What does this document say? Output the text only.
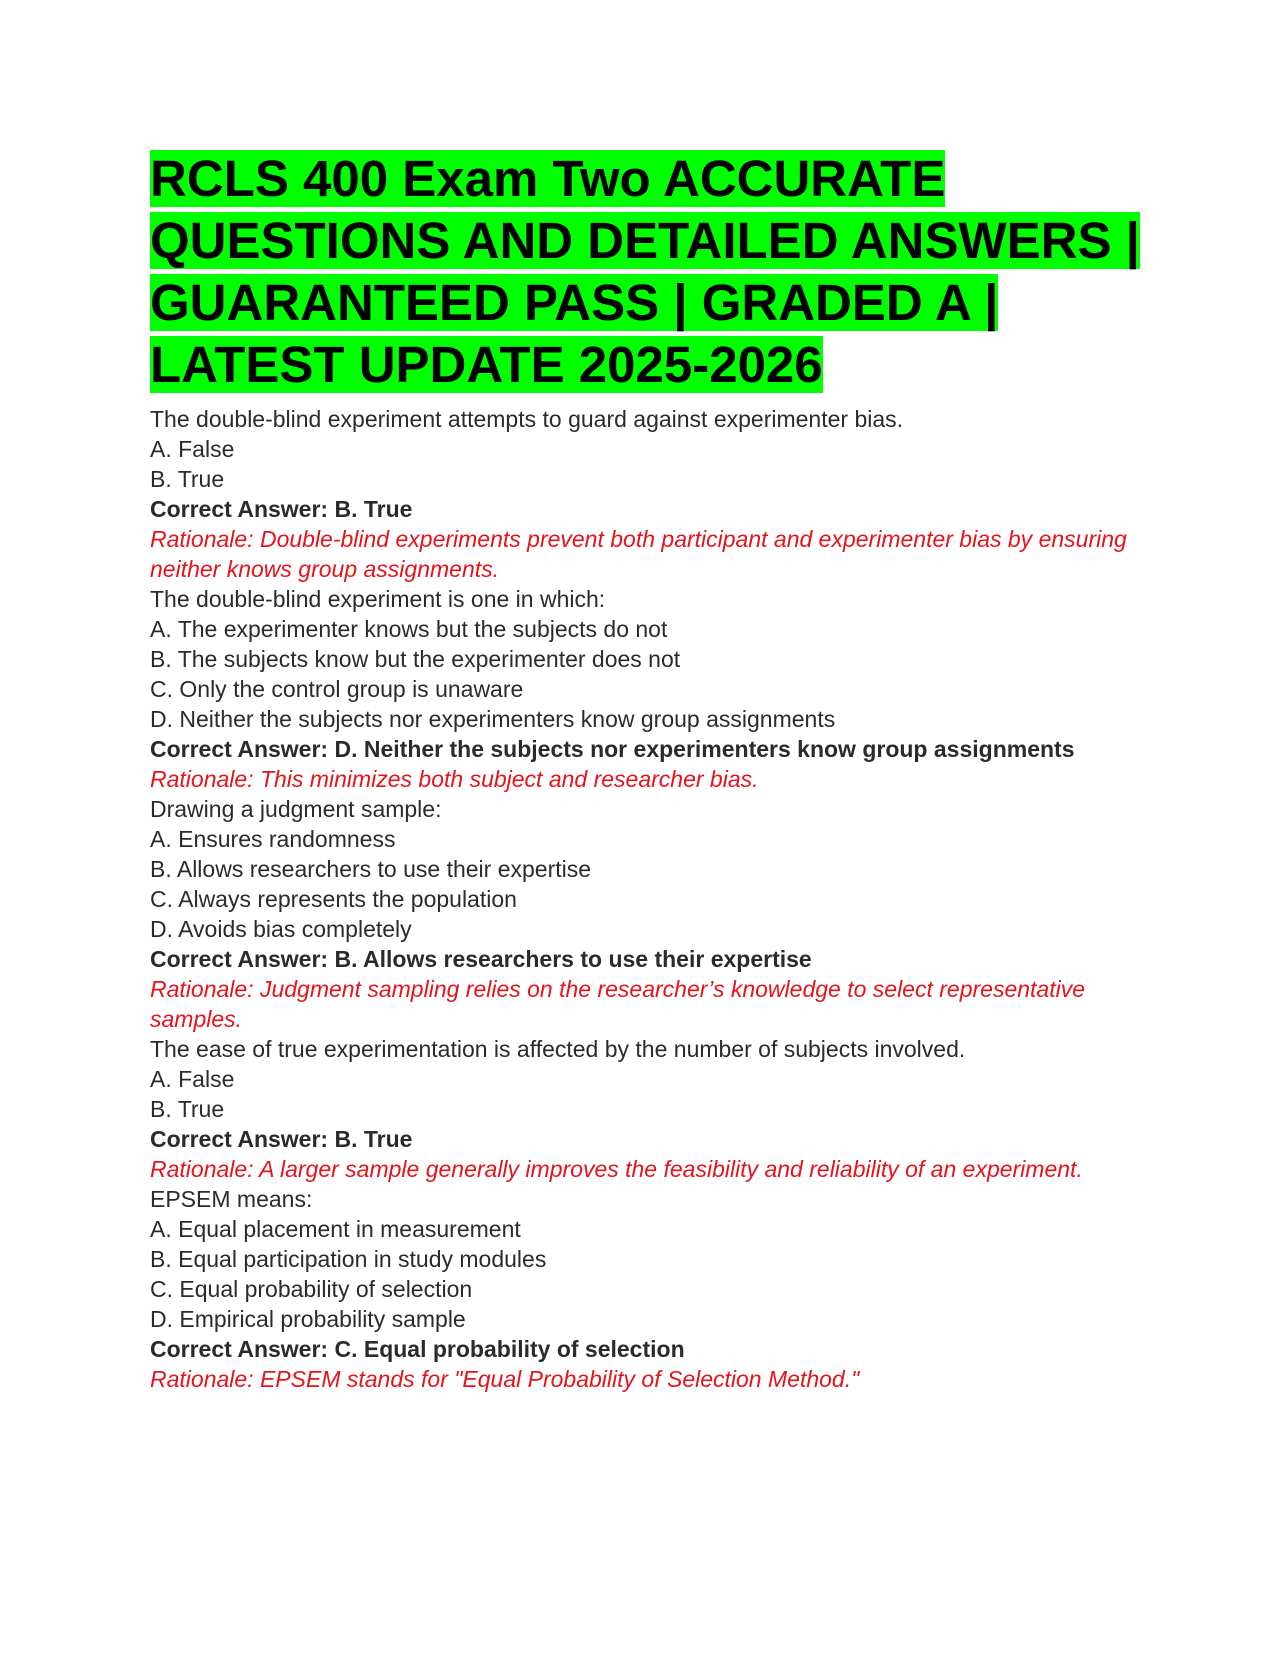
RCLS 400 Exam Two ACCURATE QUESTIONS AND DETAILED ANSWERS | GUARANTEED PASS | GRADED A | LATEST UPDATE 2025-2026
The double-blind experiment attempts to guard against experimenter bias.
A. False
B. True
Correct Answer: B. True
Rationale: Double-blind experiments prevent both participant and experimenter bias by ensuring neither knows group assignments.
The double-blind experiment is one in which:
A. The experimenter knows but the subjects do not
B. The subjects know but the experimenter does not
C. Only the control group is unaware
D. Neither the subjects nor experimenters know group assignments
Correct Answer: D. Neither the subjects nor experimenters know group assignments
Rationale: This minimizes both subject and researcher bias.
Drawing a judgment sample:
A. Ensures randomness
B. Allows researchers to use their expertise
C. Always represents the population
D. Avoids bias completely
Correct Answer: B. Allows researchers to use their expertise
Rationale: Judgment sampling relies on the researcher’s knowledge to select representative samples.
The ease of true experimentation is affected by the number of subjects involved.
A. False
B. True
Correct Answer: B. True
Rationale: A larger sample generally improves the feasibility and reliability of an experiment.
EPSEM means:
A. Equal placement in measurement
B. Equal participation in study modules
C. Equal probability of selection
D. Empirical probability sample
Correct Answer: C. Equal probability of selection
Rationale: EPSEM stands for "Equal Probability of Selection Method."
